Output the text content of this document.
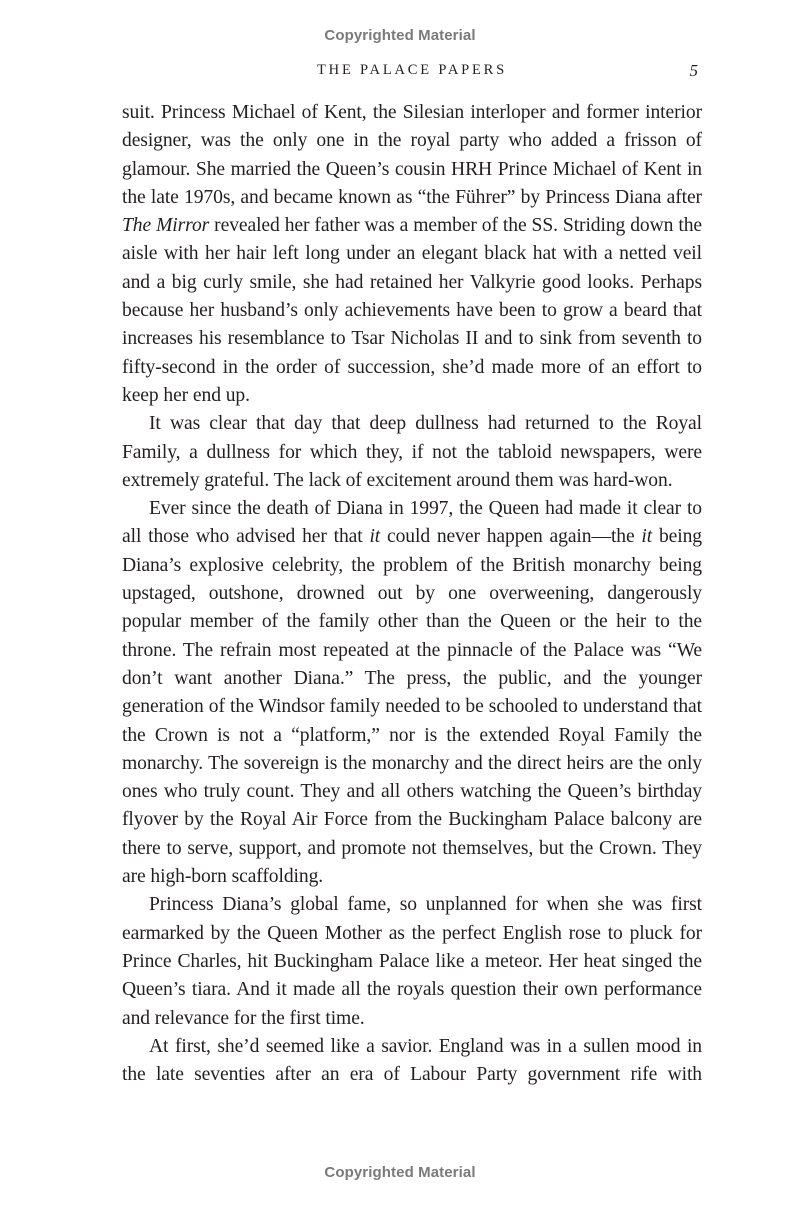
Copyrighted Material
THE PALACE PAPERS	5

suit. Princess Michael of Kent, the Silesian interloper and former interior designer, was the only one in the royal party who added a frisson of glamour. She married the Queen’s cousin HRH Prince Michael of Kent in the late 1970s, and became known as “the Führer” by Princess Diana after The Mirror revealed her father was a member of the SS. Striding down the aisle with her hair left long under an elegant black hat with a netted veil and a big curly smile, she had retained her Valkyrie good looks. Perhaps because her husband’s only achievements have been to grow a beard that increases his resemblance to Tsar Nicholas II and to sink from seventh to fifty-second in the order of succession, she’d made more of an effort to keep her end up.

It was clear that day that deep dullness had returned to the Royal Family, a dullness for which they, if not the tabloid newspapers, were extremely grateful. The lack of excitement around them was hard-won.

Ever since the death of Diana in 1997, the Queen had made it clear to all those who advised her that it could never happen again—the it being Diana’s explosive celebrity, the problem of the British monarchy being upstaged, outshone, drowned out by one overweening, dangerously popular member of the family other than the Queen or the heir to the throne. The refrain most repeated at the pinnacle of the Palace was “We don’t want another Diana.” The press, the public, and the younger generation of the Windsor family needed to be schooled to understand that the Crown is not a “platform,” nor is the extended Royal Family the monarchy. The sovereign is the monarchy and the direct heirs are the only ones who truly count. They and all others watching the Queen’s birthday flyover by the Royal Air Force from the Buckingham Palace balcony are there to serve, support, and promote not themselves, but the Crown. They are high-born scaffolding.

Princess Diana’s global fame, so unplanned for when she was first earmarked by the Queen Mother as the perfect English rose to pluck for Prince Charles, hit Buckingham Palace like a meteor. Her heat singed the Queen’s tiara. And it made all the royals question their own performance and relevance for the first time.

At first, she’d seemed like a savior. England was in a sullen mood in the late seventies after an era of Labour Party government rife with

Copyrighted Material
